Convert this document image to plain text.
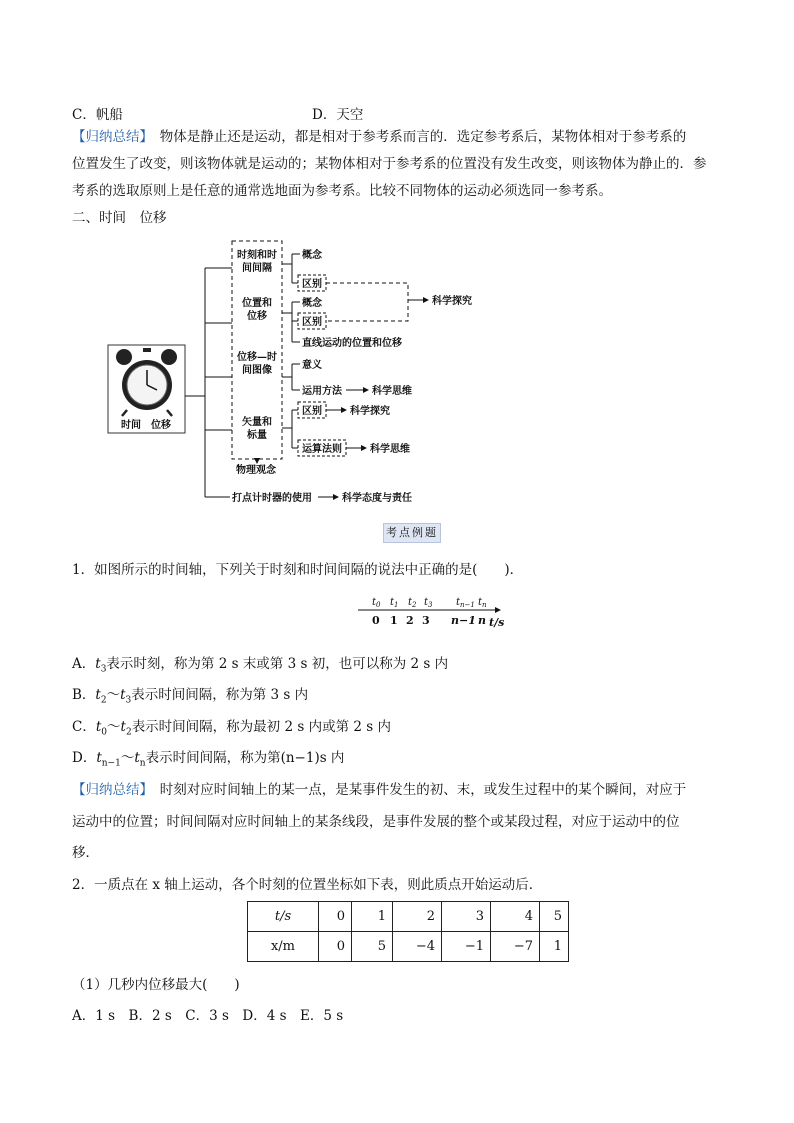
C．帆船	D．天空
【归纳总结】　物体是静止还是运动，都是相对于参考系而言的．选定参考系后，某物体相对于参考系的
位置发生了改变，则该物体就是运动的；某物体相对于参考系的位置没有发生改变，则该物体为静止的．参
考系的选取原则上是任意的通常选地面为参考系。比较不同物体的运动必须选同一参考系。
二、时间　位移
时间　位移
时刻和时
间间隔
位置和
位移
位移—时
间图像
矢量和
标量
概念
区别
概念
区别
直线运动的位置和位移
科学探究
意义
运用方法	科学思维
区别	科学探究
运算法则	科学思维
物理观念
打点计时器的使用	科学态度与责任
考点例题
1．如图所示的时间轴，下列关于时刻和时间间隔的说法中正确的是(　　)．
$t_0$ $t_1$ $t_2$ $t_3$ $t_{n-1}$ $t_n$
0 1 2 3 n−1 n t/s
A．$t_3$表示时刻，称为第 2 s 末或第 3 s 初，也可以称为 2 s 内
B．$t_2\sim t_3$表示时间间隔，称为第 3 s 内
C．$t_0\sim t_2$表示时间间隔，称为最初 2 s 内或第 2 s 内
D．$t_{n-1}\sim t_n$表示时间间隔，称为第(n−1)s 内
【归纳总结】　时刻对应时间轴上的某一点，是某事件发生的初、末，或发生过程中的某个瞬间，对应于
运动中的位置；时间间隔对应时间轴上的某条线段，是事件发展的整个或某段过程，对应于运动中的位
移．
2．一质点在 x 轴上运动，各个时刻的位置坐标如下表，则此质点开始运动后．
t/s	0	1	2	3	4	5
x/m	0	5	−4	−1	−7	1
（1）几秒内位移最大(　　)
A．1 s　B．2 s　C．3 s　D．4 s　E．5 s
